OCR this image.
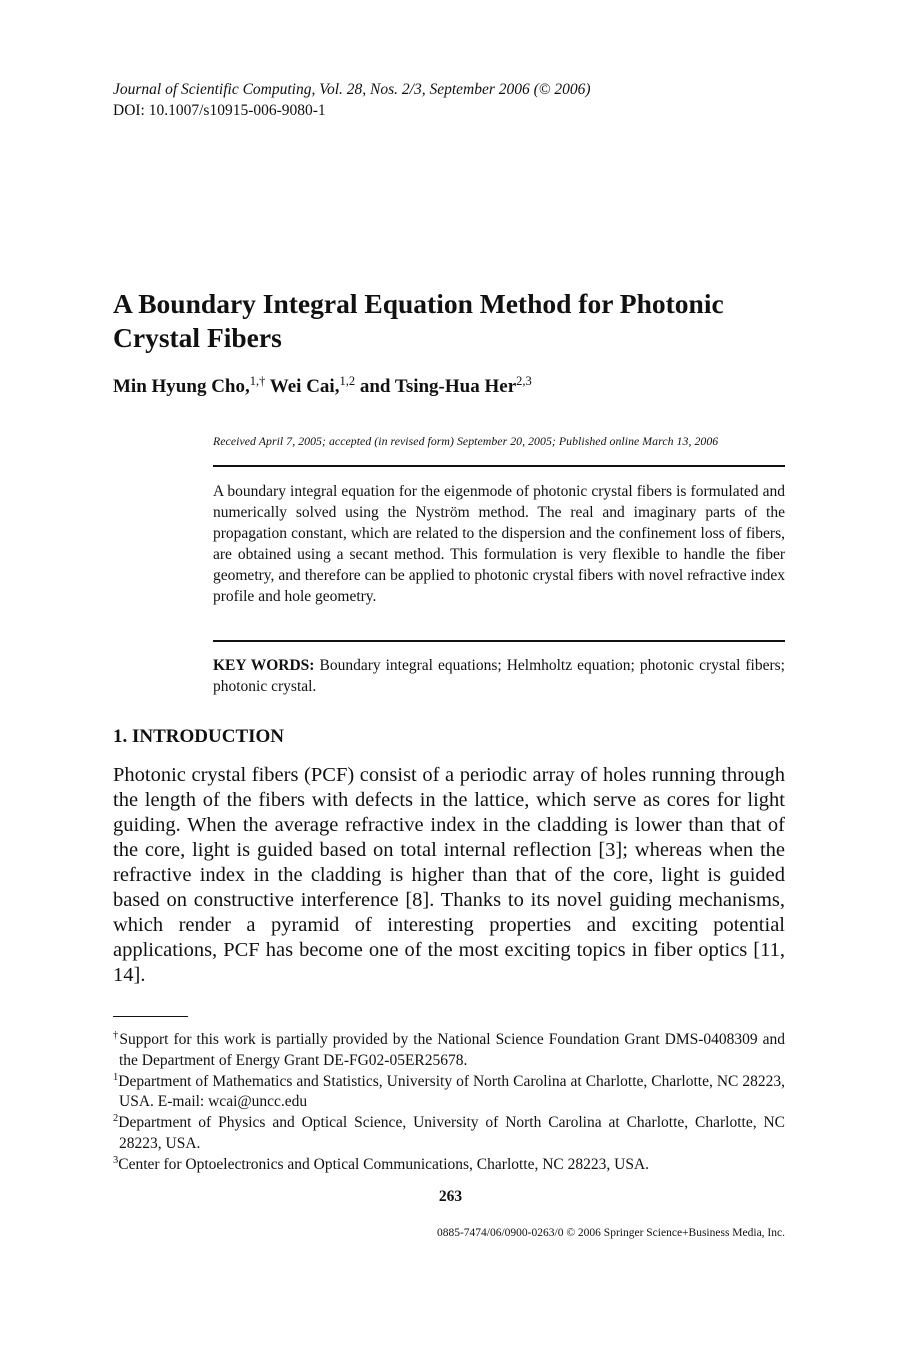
Journal of Scientific Computing, Vol. 28, Nos. 2/3, September 2006 (© 2006)
DOI: 10.1007/s10915-006-9080-1
A Boundary Integral Equation Method for Photonic Crystal Fibers
Min Hyung Cho,$^{1,\dagger}$ Wei Cai,$^{1,2}$ and Tsing-Hua Her$^{2,3}$
Received April 7, 2005; accepted (in revised form) September 20, 2005; Published online March 13, 2006
A boundary integral equation for the eigenmode of photonic crystal fibers is formulated and numerically solved using the Nyström method. The real and imaginary parts of the propagation constant, which are related to the dispersion and the confinement loss of fibers, are obtained using a secant method. This formulation is very flexible to handle the fiber geometry, and therefore can be applied to photonic crystal fibers with novel refractive index profile and hole geometry.
KEY WORDS: Boundary integral equations; Helmholtz equation; photonic crystal fibers; photonic crystal.
1. INTRODUCTION

Photonic crystal fibers (PCF) consist of a periodic array of holes running through the length of the fibers with defects in the lattice, which serve as cores for light guiding. When the average refractive index in the cladding is lower than that of the core, light is guided based on total internal reflection [3]; whereas when the refractive index in the cladding is higher than that of the core, light is guided based on constructive interference [8]. Thanks to its novel guiding mechanisms, which render a pyramid of interesting properties and exciting potential applications, PCF has become one of the most exciting topics in fiber optics [11, 14].

†Support for this work is partially provided by the National Science Foundation Grant DMS-0408309 and the Department of Energy Grant DE-FG02-05ER25678.
$^1$Department of Mathematics and Statistics, University of North Carolina at Charlotte, Charlotte, NC 28223, USA. E-mail: wcai@uncc.edu
$^2$Department of Physics and Optical Science, University of North Carolina at Charlotte, Charlotte, NC 28223, USA.
$^3$Center for Optoelectronics and Optical Communications, Charlotte, NC 28223, USA.
263
0885-7474/06/0900-0263/0 © 2006 Springer Science+Business Media, Inc.
